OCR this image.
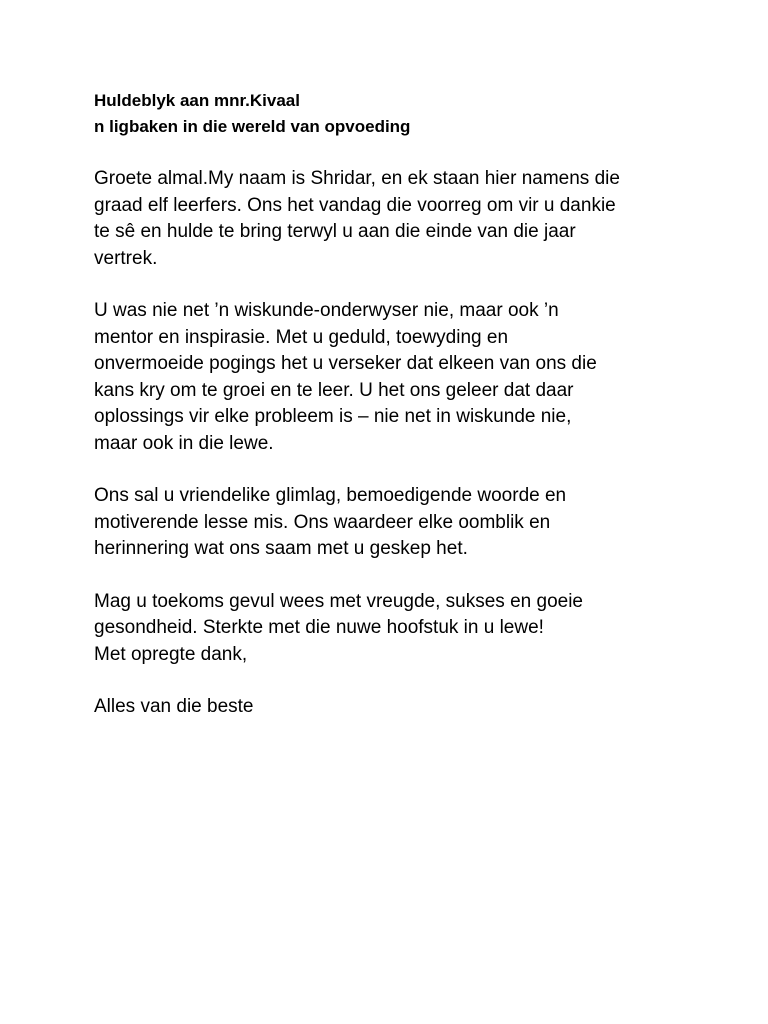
Huldeblyk aan mnr.Kivaal
n ligbaken in die wereld van opvoeding
Groete almal.My naam is Shridar, en ek staan hier namens die
graad elf leerfers. Ons het vandag die voorreg om vir u dankie
te sê en hulde te bring terwyl u aan die einde van die jaar
vertrek.
U was nie net ’n wiskunde-onderwyser nie, maar ook ’n
mentor en inspirasie. Met u geduld, toewyding en
onvermoeide pogings het u verseker dat elkeen van ons die
kans kry om te groei en te leer. U het ons geleer dat daar
oplossings vir elke probleem is – nie net in wiskunde nie,
maar ook in die lewe.
Ons sal u vriendelike glimlag, bemoedigende woorde en
motiverende lesse mis. Ons waardeer elke oomblik en
herinnering wat ons saam met u geskep het.
Mag u toekoms gevul wees met vreugde, sukses en goeie
gesondheid. Sterkte met die nuwe hoofstuk in u lewe!
Met opregte dank,
Alles van die beste
